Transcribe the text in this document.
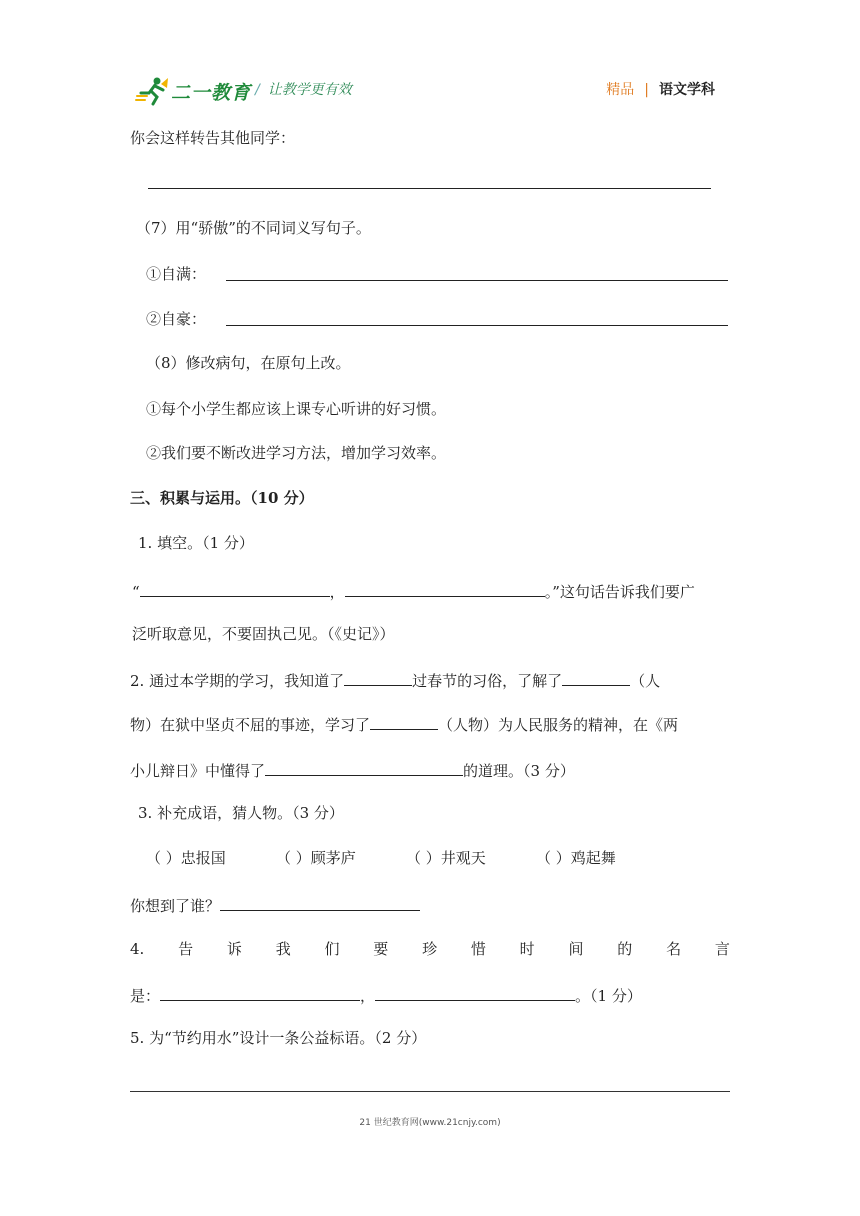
二一教育 / 让教学更有效	精品 | 语文学科
你会这样转告其他同学：
（7）用“骄傲”的不同词义写句子。
①自满：
②自豪：
（8）修改病句，在原句上改。
①每个小学生都应该上课专心听讲的好习惯。
②我们要不断改进学习方法，增加学习效率。
三、积累与运用。（10 分）
1. 填空。（1 分）
“	，	。”这句话告诉我们要广
泛听取意见，不要固执己见。（《史记》）
2. 通过本学期的学习，我知道了	过春节的习俗，了解了	（人
物）在狱中坚贞不屈的事迹，学习了	（人物）为人民服务的精神，在《两
小儿辩日》中懂得了	的道理。（3 分）
3. 补充成语，猜人物。（3 分）
（ ）忠报国	（ ）顾茅庐	（ ）井观天	（ ）鸡起舞
你想到了谁？
4. 告 诉 我 们 要 珍 惜 时 间 的 名 言
是：	，	。（1 分）
5. 为“节约用水”设计一条公益标语。（2 分）
21 世纪教育网(www.21cnjy.com)
